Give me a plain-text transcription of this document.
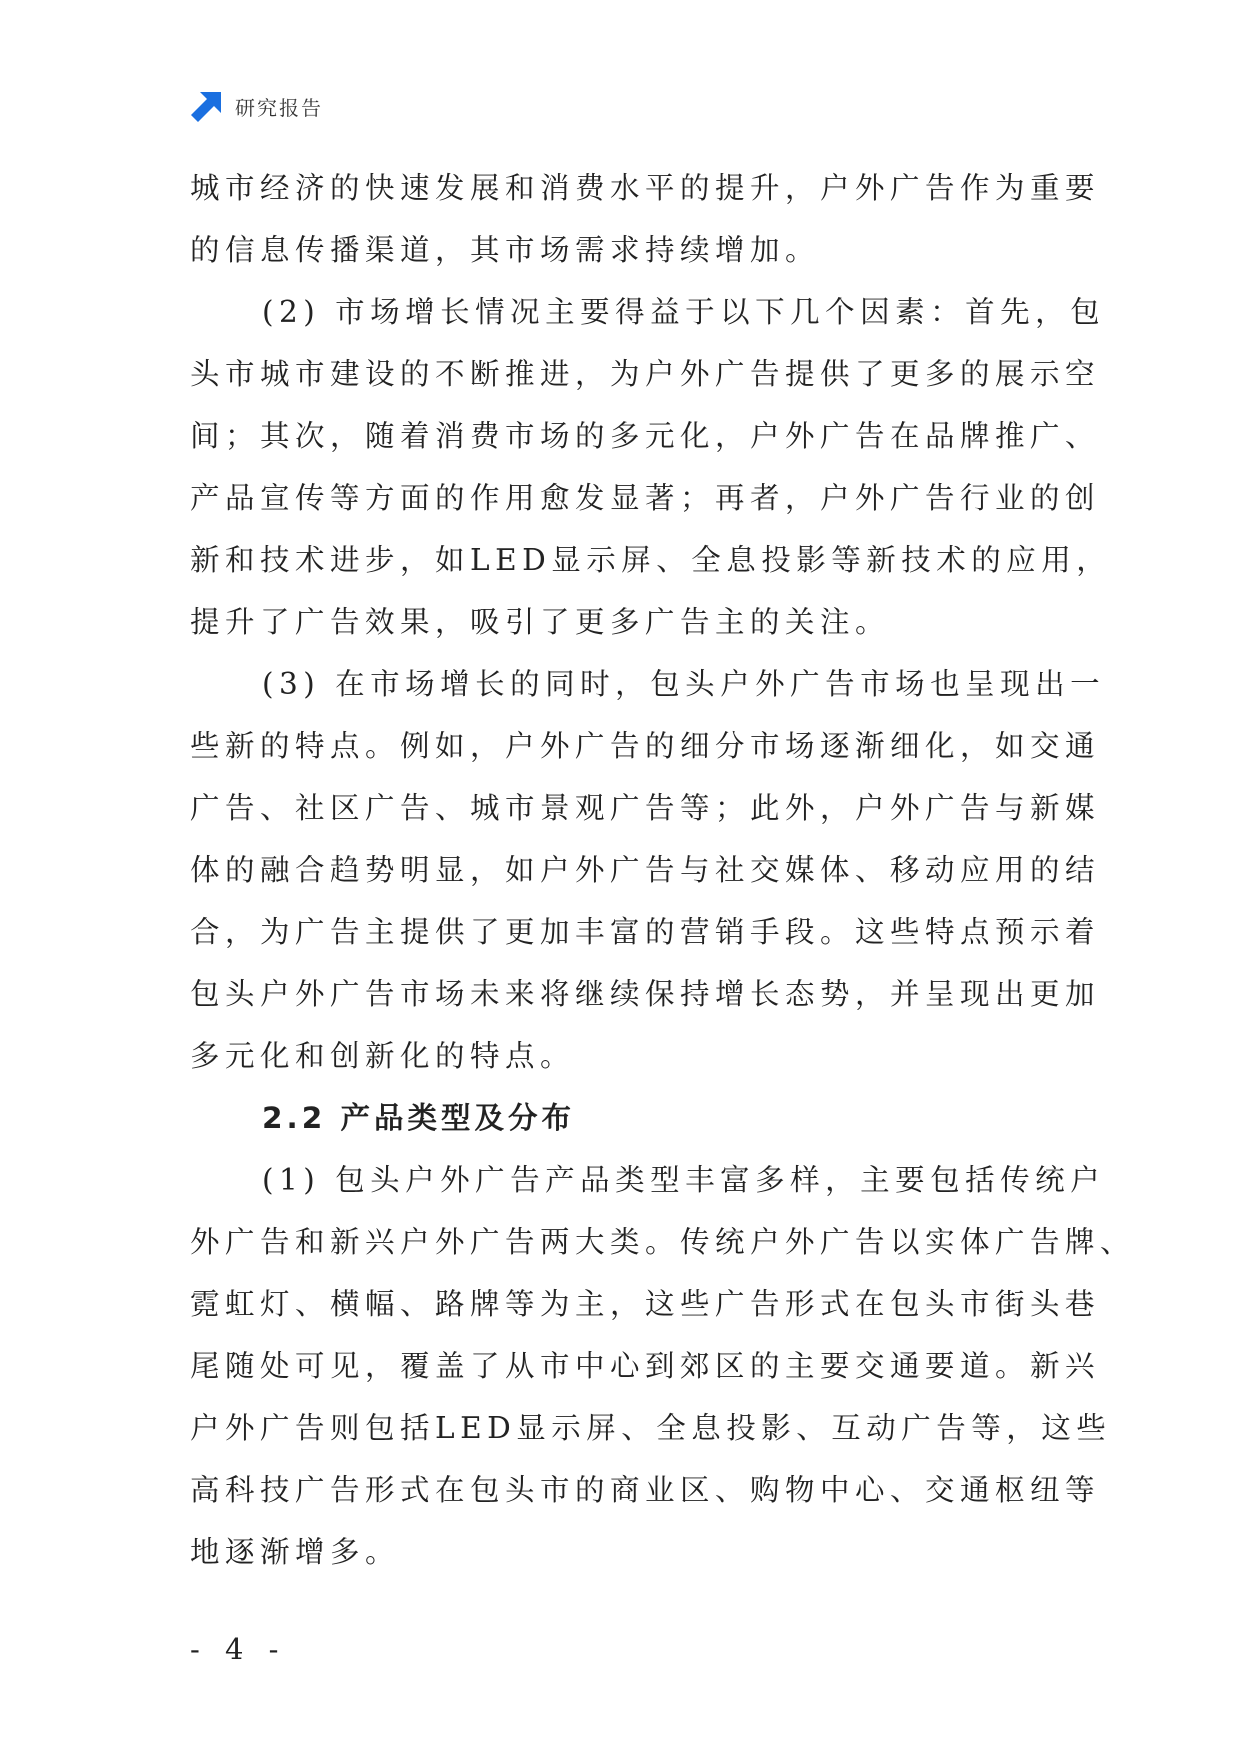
研究报告
城市经济的快速发展和消费水平的提升，户外广告作为重要
的信息传播渠道，其市场需求持续增加。
(2) 市场增长情况主要得益于以下几个因素：首先，包
头市城市建设的不断推进，为户外广告提供了更多的展示空
间；其次，随着消费市场的多元化，户外广告在品牌推广、
产品宣传等方面的作用愈发显著；再者，户外广告行业的创
新和技术进步，如LED显示屏、全息投影等新技术的应用，
提升了广告效果，吸引了更多广告主的关注。
(3) 在市场增长的同时，包头户外广告市场也呈现出一
些新的特点。例如，户外广告的细分市场逐渐细化，如交通
广告、社区广告、城市景观广告等；此外，户外广告与新媒
体的融合趋势明显，如户外广告与社交媒体、移动应用的结
合，为广告主提供了更加丰富的营销手段。这些特点预示着
包头户外广告市场未来将继续保持增长态势，并呈现出更加
多元化和创新化的特点。
2.2 产品类型及分布
(1) 包头户外广告产品类型丰富多样，主要包括传统户
外广告和新兴户外广告两大类。传统户外广告以实体广告牌、
霓虹灯、横幅、路牌等为主，这些广告形式在包头市街头巷
尾随处可见，覆盖了从市中心到郊区的主要交通要道。新兴
户外广告则包括LED显示屏、全息投影、互动广告等，这些
高科技广告形式在包头市的商业区、购物中心、交通枢纽等
地逐渐增多。
- 4 -
